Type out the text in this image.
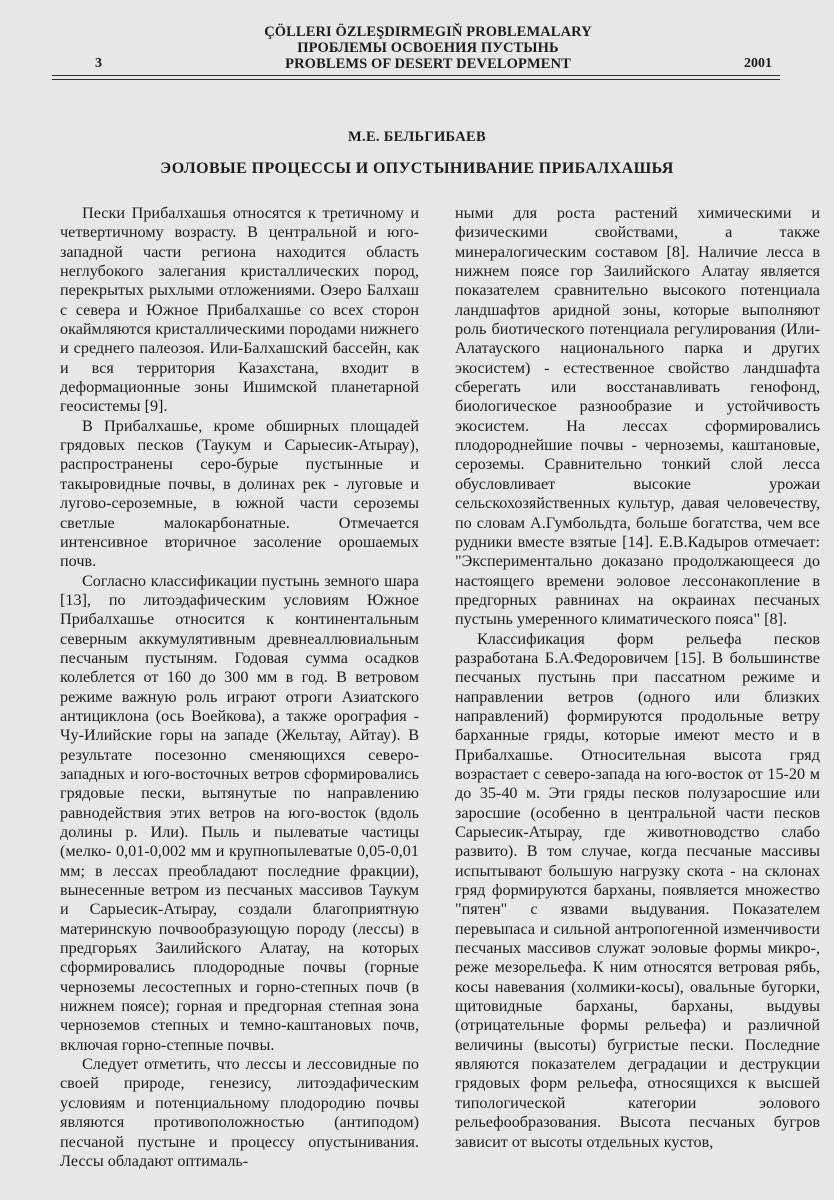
ÇÖLLERI ÖZLEŞDIRMEGIŇ PROBLEMALARY
ПРОБЛЕМЫ ОСВОЕНИЯ ПУСТЫНЬ
PROBLEMS OF DESERT DEVELOPMENT
3	2001
М.Е. БЕЛЬГИБАЕВ
ЭОЛОВЫЕ ПРОЦЕССЫ И ОПУСТЫНИВАНИЕ ПРИБАЛХАШЬЯ

Пески Прибалхашья относятся к третичному и четвертичному возрасту. В центральной и юго-западной части региона находится область неглубокого залегания кристаллических пород, перекрытых рыхлыми отложениями. Озеро Балхаш с севера и Южное Прибалхашье со всех сторон окаймляются кристаллическими породами нижнего и среднего палеозоя. Или-Балхашский бассейн, как и вся территория Казахстана, входит в деформационные зоны Ишимской планетарной геосистемы [9].

В Прибалхашье, кроме обширных площадей грядовых песков (Таукум и Сарыесик-Атырау), распространены серо-бурые пустынные и такыровидные почвы, в долинах рек - луговые и лугово-сероземные, в южной части сероземы светлые малокарбонатные. Отмечается интенсивное вторичное засоление орошаемых почв.

Согласно классификации пустынь земного шара [13], по литоэдафическим условиям Южное Прибалхашье относится к континентальным северным аккумулятивным древнеаллювиальным песчаным пустыням. Годовая сумма осадков колеблется от 160 до 300 мм в год. В ветровом режиме важную роль играют отроги Азиатского антициклона (ось Воейкова), а также орография - Чу-Илийские горы на западе (Жельтау, Айтау). В результате посезонно сменяющихся северо-западных и юго-восточных ветров сформировались грядовые пески, вытянутые по направлению равнодействия этих ветров на юго-восток (вдоль долины р. Или). Пыль и пылеватые частицы (мелко- 0,01-0,002 мм и крупнопылеватые 0,05-0,01 мм; в лессах преобладают последние фракции), вынесенные ветром из песчаных массивов Таукум и Сарыесик-Атырау, создали благоприятную материнскую почвообразующую породу (лессы) в предгорьях Заилийского Алатау, на которых сформировались плодородные почвы (горные черноземы лесостепных и горно-степных почв (в нижнем поясе); горная и предгорная степная зона черноземов степных и темно-каштановых почв, включая горно-степные почвы.

Следует отметить, что лессы и лессовидные по своей природе, генезису, литоэдафическим условиям и потенциальному плодородию почвы являются противоположностью (антиподом) песчаной пустыне и процессу опустынивания. Лессы обладают оптималь-

ными для роста растений химическими и физическими свойствами, а также минералогическим составом [8]. Наличие лесса в нижнем поясе гор Заилийского Алатау является показателем сравнительно высокого потенциала ландшафтов аридной зоны, которые выполняют роль биотического потенциала регулирования (Или-Алатауского национального парка и других экосистем) - естественное свойство ландшафта сберегать или восстанавливать генофонд, биологическое разнообразие и устойчивость экосистем. На лессах сформировались плодороднейшие почвы - черноземы, каштановые, сероземы. Сравнительно тонкий слой лесса обусловливает высокие урожаи сельскохозяйственных культур, давая человечеству, по словам А.Гумбольдта, больше богатства, чем все рудники вместе взятые [14]. Е.В.Кадыров отмечает: "Экспериментально доказано продолжающееся до настоящего времени эоловое лессонакопление в предгорных равнинах на окраинах песчаных пустынь умеренного климатического пояса" [8].

Классификация форм рельефа песков разработана Б.А.Федоровичем [15]. В большинстве песчаных пустынь при пассатном режиме и направлении ветров (одного или близких направлений) формируются продольные ветру барханные гряды, которые имеют место и в Прибалхашье. Относительная высота гряд возрастает с северо-запада на юго-восток от 15-20 м до 35-40 м. Эти гряды песков полузаросшие или заросшие (особенно в центральной части песков Сарыесик-Атырау, где животноводство слабо развито). В том случае, когда песчаные массивы испытывают большую нагрузку скота - на склонах гряд формируются барханы, появляется множество "пятен" с язвами выдувания. Показателем перевыпаса и сильной антропогенной изменчивости песчаных массивов служат эоловые формы микро-, реже мезорельефа. К ним относятся ветровая рябь, косы навевания (холмики-косы), овальные бугорки, щитовидные барханы, барханы, выдувы (отрицательные формы рельефа) и различной величины (высоты) бугристые пески. Последние являются показателем деградации и деструкции грядовых форм рельефа, относящихся к высшей типологической категории эолового рельефообразования. Высота песчаных бугров зависит от высоты отдельных кустов,
